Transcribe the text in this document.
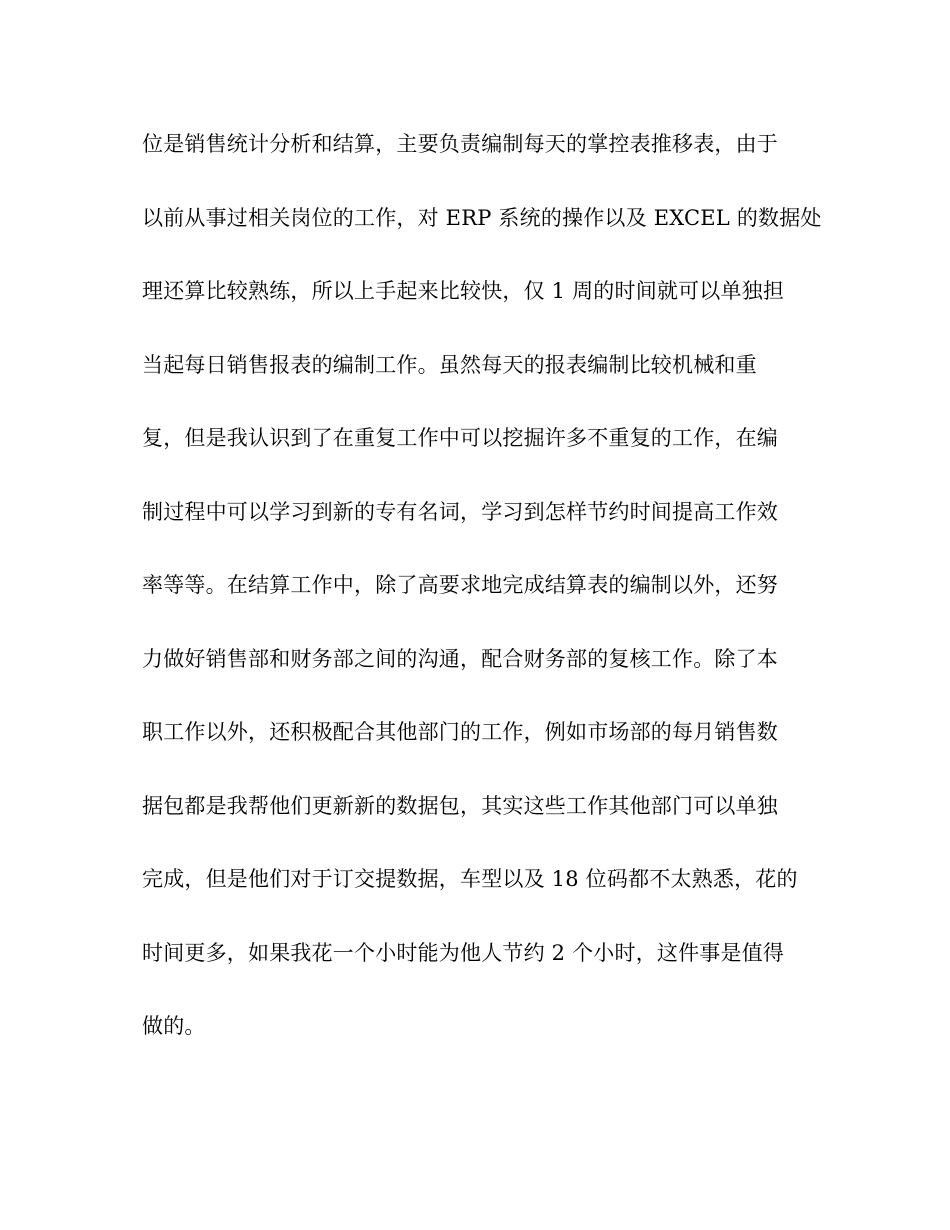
位是销售统计分析和结算，主要负责编制每天的掌控表推移表，由于
以前从事过相关岗位的工作，对 ERP 系统的操作以及 EXCEL 的数据处
理还算比较熟练，所以上手起来比较快，仅 1 周的时间就可以单独担
当起每日销售报表的编制工作。虽然每天的报表编制比较机械和重
复，但是我认识到了在重复工作中可以挖掘许多不重复的工作，在编
制过程中可以学习到新的专有名词，学习到怎样节约时间提高工作效
率等等。在结算工作中，除了高要求地完成结算表的编制以外，还努
力做好销售部和财务部之间的沟通，配合财务部的复核工作。除了本
职工作以外，还积极配合其他部门的工作，例如市场部的每月销售数
据包都是我帮他们更新新的数据包，其实这些工作其他部门可以单独
完成，但是他们对于订交提数据，车型以及 18 位码都不太熟悉，花的
时间更多，如果我花一个小时能为他人节约 2 个小时，这件事是值得
做的。
